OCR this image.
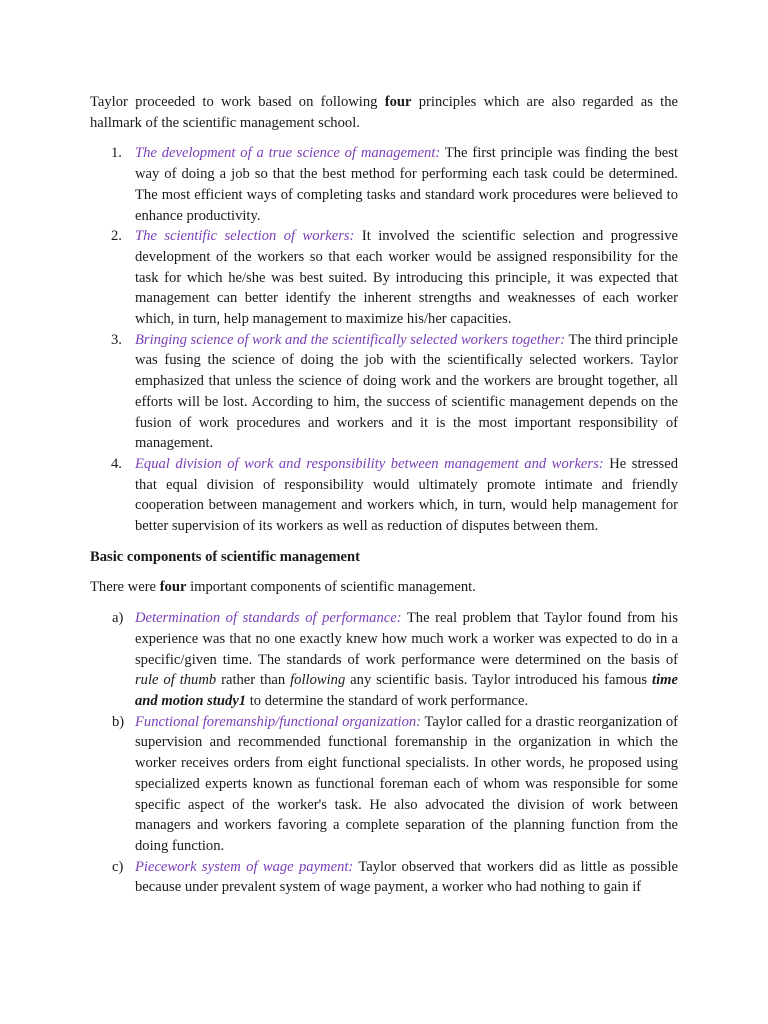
Taylor proceeded to work based on following four principles which are also regarded as the hallmark of the scientific management school.

1. The development of a true science of management: The first principle was finding the best way of doing a job so that the best method for performing each task could be determined. The most efficient ways of completing tasks and standard work procedures were believed to enhance productivity.
2. The scientific selection of workers: It involved the scientific selection and progressive development of the workers so that each worker would be assigned responsibility for the task for which he/she was best suited. By introducing this principle, it was expected that management can better identify the inherent strengths and weaknesses of each worker which, in turn, help management to maximize his/her capacities.
3. Bringing science of work and the scientifically selected workers together: The third principle was fusing the science of doing the job with the scientifically selected workers. Taylor emphasized that unless the science of doing work and the workers are brought together, all efforts will be lost. According to him, the success of scientific management depends on the fusion of work procedures and workers and it is the most important responsibility of management.
4. Equal division of work and responsibility between management and workers: He stressed that equal division of responsibility would ultimately promote intimate and friendly cooperation between management and workers which, in turn, would help management for better supervision of its workers as well as reduction of disputes between them.

Basic components of scientific management

There were four important components of scientific management.

a) Determination of standards of performance: The real problem that Taylor found from his experience was that no one exactly knew how much work a worker was expected to do in a specific/given time. The standards of work performance were determined on the basis of rule of thumb rather than following any scientific basis. Taylor introduced his famous time and motion study1 to determine the standard of work performance.
b) Functional foremanship/functional organization: Taylor called for a drastic reorganization of supervision and recommended functional foremanship in the organization in which the worker receives orders from eight functional specialists. In other words, he proposed using specialized experts known as functional foreman each of whom was responsible for some specific aspect of the worker's task. He also advocated the division of work between managers and workers favoring a complete separation of the planning function from the doing function.
c) Piecework system of wage payment: Taylor observed that workers did as little as possible because under prevalent system of wage payment, a worker who had nothing to gain if
